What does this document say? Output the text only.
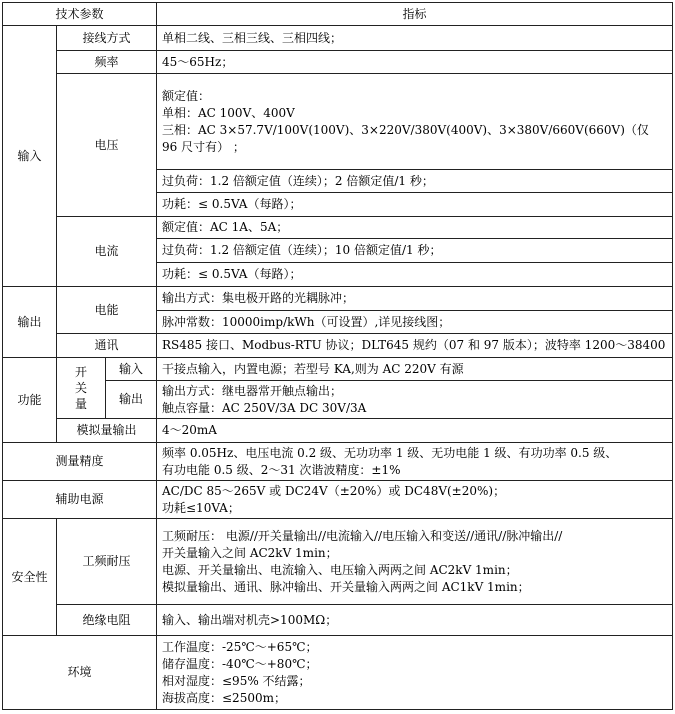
技术参数			指标
输入	接线方式		单相二线、三相三线、三相四线；
	频率		45～65Hz；
	电压		额定值：
单相：AC 100V、400V
三相：AC 3×57.7V/100V(100V)、3×220V/380V(400V)、3×380V/660V(660V)（仅 96 尺寸有） ；

			过负荷：1.2 倍额定值（连续）；2 倍额定值/1 秒；
			功耗：≤ 0.5VA（每路）；
	电流		额定值：AC 1A、5A；
			过负荷：1.2 倍额定值（连续）；10 倍额定值/1 秒；
			功耗：≤ 0.5VA（每路）；
输出	电能		输出方式：集电极开路的光耦脉冲；
			脉冲常数：10000imp/kWh（可设置）,详见接线图；
	通讯		RS485 接口、Modbus-RTU 协议；DLT645 规约（07 和 97 版本）；波特率 1200～38400
功能	开
关
量	输入	干接点输入，内置电源；若型号 KA,则为 AC 220V 有源
		输出	输出方式：继电器常开触点输出；
触点容量：AC 250V/3A DC 30V/3A

	模拟量输出		4～20mA
测量精度			频率 0.05Hz、电压电流 0.2 级、无功功率 1 级、无功电能 1 级、有功功率 0.5 级、
有功电能 0.5 级、2～31 次谐波精度：±1%

辅助电源			AC/DC 85～265V 或 DC24V（±20%）或 DC48V(±20%)；
功耗≤10VA；

安全性	工频耐压		工频耐压： 电源//开关量输出//电流输入//电压输入和变送//通讯//脉冲输出//
开关量输入之间 AC2kV 1min；
电源、开关量输出、电流输入、电压输入两两之间 AC2kV 1min；
模拟量输出、通讯、脉冲输出、开关量输入两两之间 AC1kV 1min；

	绝缘电阻		输入、输出端对机壳>100MΩ；
环境			工作温度：-25℃～+65℃；
储存温度：-40℃～+80℃；
相对湿度：≤95% 不结露；
海拔高度：≤2500m；
